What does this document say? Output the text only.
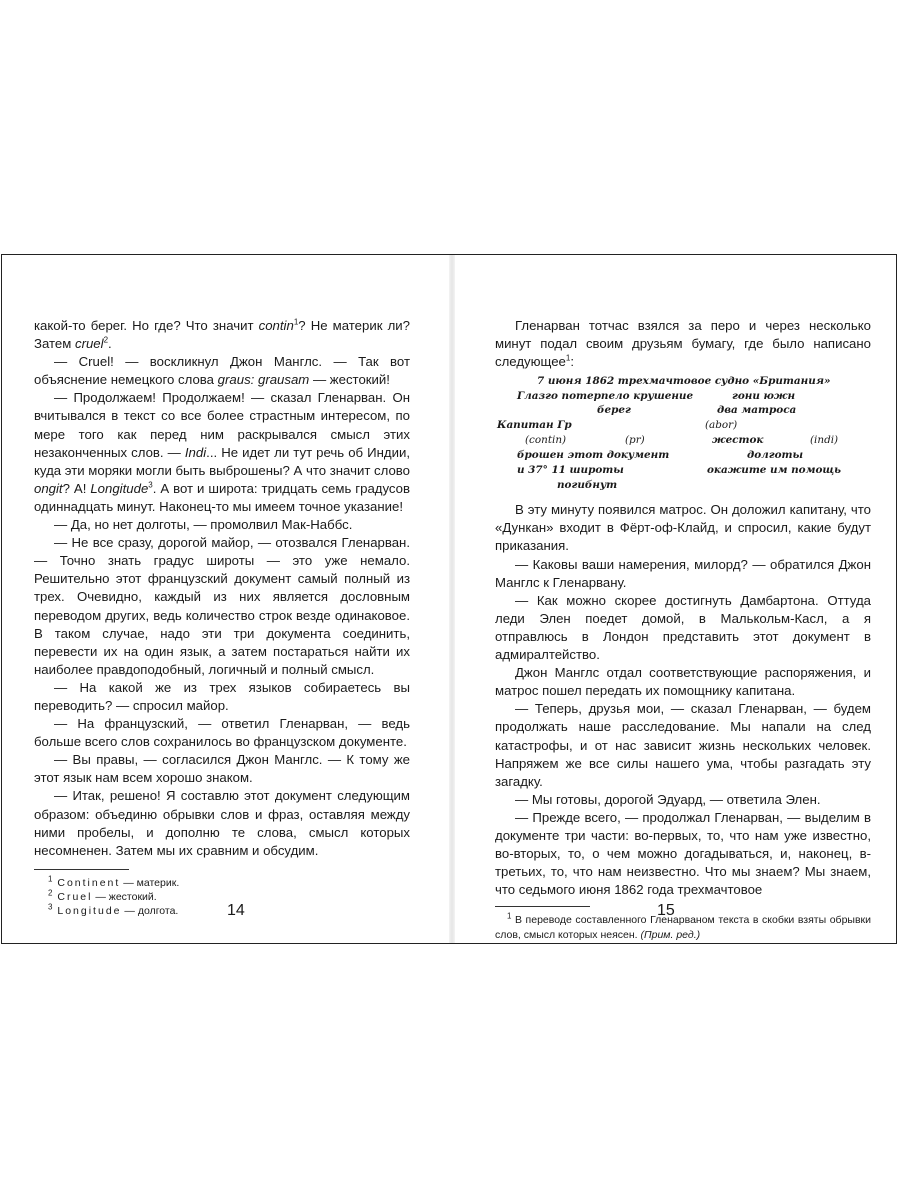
какой-то берег. Но где? Что значит contin$^1$? Не материк ли? Затем cruel$^2$.

— Cruel! — воскликнул Джон Манглс. — Так вот объяснение немецкого слова graus: grausam — жестокий!

— Продолжаем! Продолжаем! — сказал Гленарван. Он вчитывался в текст со все более страстным интересом, по мере того как перед ним раскрывался смысл этих незаконченных слов. — Indi... Не идет ли тут речь об Индии, куда эти моряки могли быть выброшены? А что значит слово ongit? А! Longitude$^3$. А вот и широта: тридцать семь градусов одиннадцать минут. Наконец-то мы имеем точное указание!

— Да, но нет долготы, — промолвил Мак-Наббс.

— Не все сразу, дорогой майор, — отозвался Гленарван. — Точно знать градус широты — это уже немало. Решительно этот французский документ самый полный из трех. Очевидно, каждый из них является дословным переводом других, ведь количество строк везде одинаковое. В таком случае, надо эти три документа соединить, перевести их на один язык, а затем постараться найти их наиболее правдоподобный, логичный и полный смысл.

— На какой же из трех языков собираетесь вы переводить? — спросил майор.

— На французский, — ответил Гленарван, — ведь больше всего слов сохранилось во французском документе.

— Вы правы, — согласился Джон Манглс. — К тому же этот язык нам всем хорошо знаком.

— Итак, решено! Я составлю этот документ следующим образом: объединю обрывки слов и фраз, оставляя между ними пробелы, и дополню те слова, смысл которых несомненен. Затем мы их сравним и обсудим.

$^1$ Continent — материк.
$^2$ Cruel — жестокий.
$^3$ Longitude — долгота.	14

Гленарван тотчас взялся за перо и через несколько минут подал своим друзьям бумагу, где было написано следующее$^1$:

7 июня 1862 трехмачтовое судно «Британия»
Глазго потерпело крушение	гони южн
берег	два матроса
Капитан Гр	(abor)
(contin)	(pr)	жесток	(indi)
брошен этот документ	долготы
и 37° 11 широты	окажите им помощь
погибнут

В эту минуту появился матрос. Он доложил капитану, что «Дункан» входит в Фёрт-оф-Клайд, и спросил, какие будут приказания.

— Каковы ваши намерения, милорд? — обратился Джон Манглс к Гленарвану.

— Как можно скорее достигнуть Дамбартона. Оттуда леди Элен поедет домой, в Малькольм-Касл, а я отправлюсь в Лондон представить этот документ в адмиралтейство.

Джон Манглс отдал соответствующие распоряжения, и матрос пошел передать их помощнику капитана.

— Теперь, друзья мои, — сказал Гленарван, — будем продолжать наше расследование. Мы напали на след катастрофы, и от нас зависит жизнь нескольких человек. Напряжем же все силы нашего ума, чтобы разгадать эту загадку.

— Мы готовы, дорогой Эдуард, — ответила Элен.

— Прежде всего, — продолжал Гленарван, — выделим в документе три части: во-первых, то, что нам уже известно, во-вторых, то, о чем можно догадываться, и, наконец, в-третьих, то, что нам неизвестно. Что мы знаем? Мы знаем, что седьмого июня 1862 года трехмачтовое

$^1$ В переводе составленного Гленарваном текста в скобки взяты обрывки слов, смысл которых неясен. (Прим. ред.)
15
